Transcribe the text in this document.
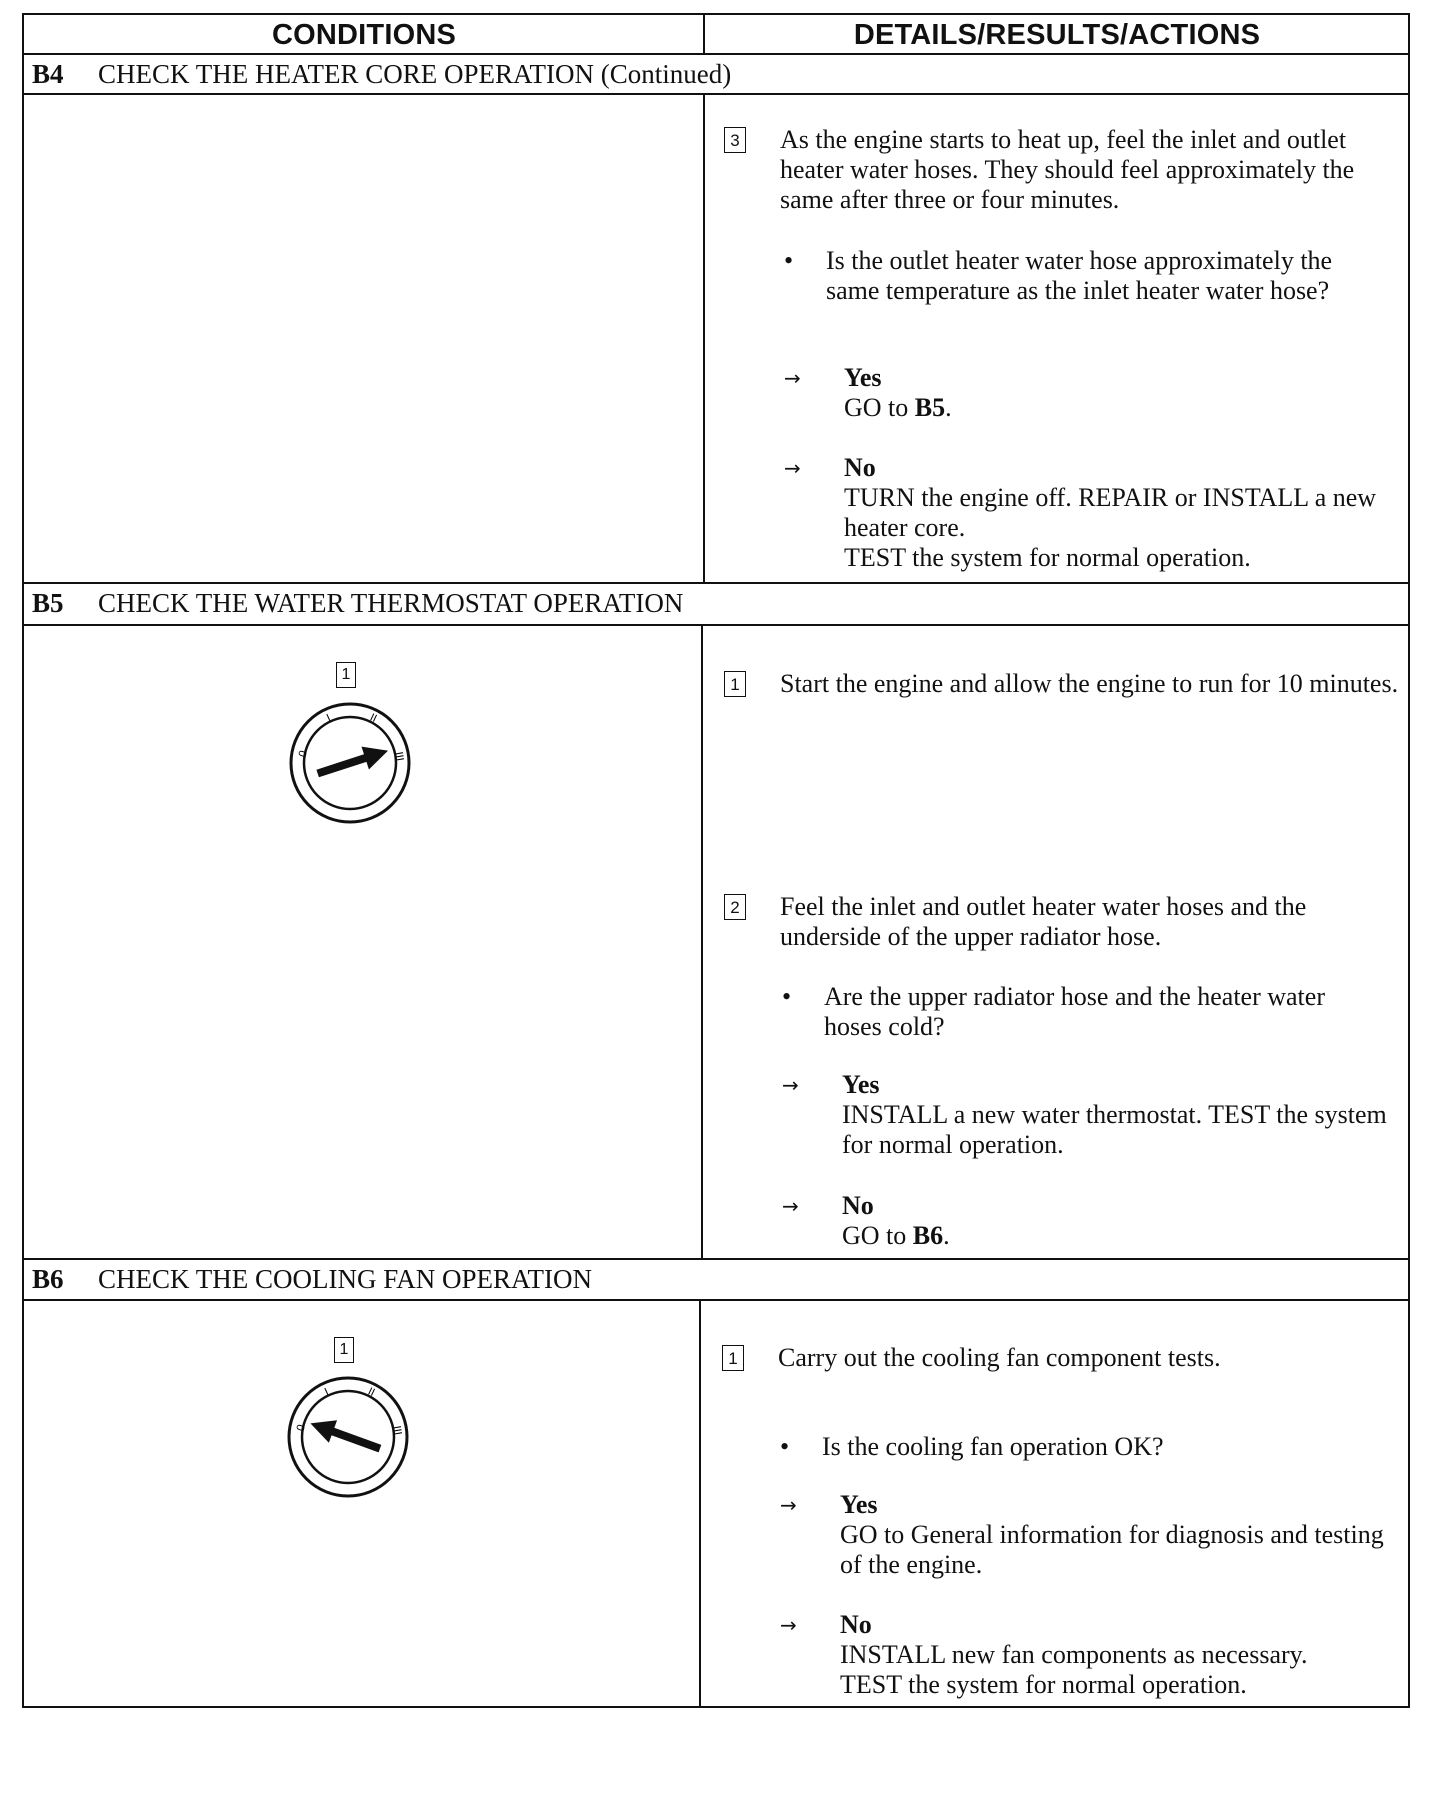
CONDITIONS	DETAILS/RESULTS/ACTIONS
B4 CHECK THE HEATER CORE OPERATION (Continued)
3 As the engine starts to heat up, feel the inlet and outlet heater water hoses. They should feel approximately the same after three or four minutes.
• Is the outlet heater water hose approximately the same temperature as the inlet heater water hose?
→ Yes
GO to B5.
→ No
TURN the engine off. REPAIR or INSTALL a new heater core.
TEST the system for normal operation.
B5 CHECK THE WATER THERMOSTAT OPERATION
1
0
I	II
III
1 Start the engine and allow the engine to run for 10 minutes.
2 Feel the inlet and outlet heater water hoses and the underside of the upper radiator hose.
• Are the upper radiator hose and the heater water hoses cold?
→ Yes
INSTALL a new water thermostat. TEST the system for normal operation.
→ No
GO to B6.
B6 CHECK THE COOLING FAN OPERATION
1
0
I	II
III
1 Carry out the cooling fan component tests.
• Is the cooling fan operation OK?
→ Yes
GO to General information for diagnosis and testing of the engine.
→ No
INSTALL new fan components as necessary.
TEST the system for normal operation.
